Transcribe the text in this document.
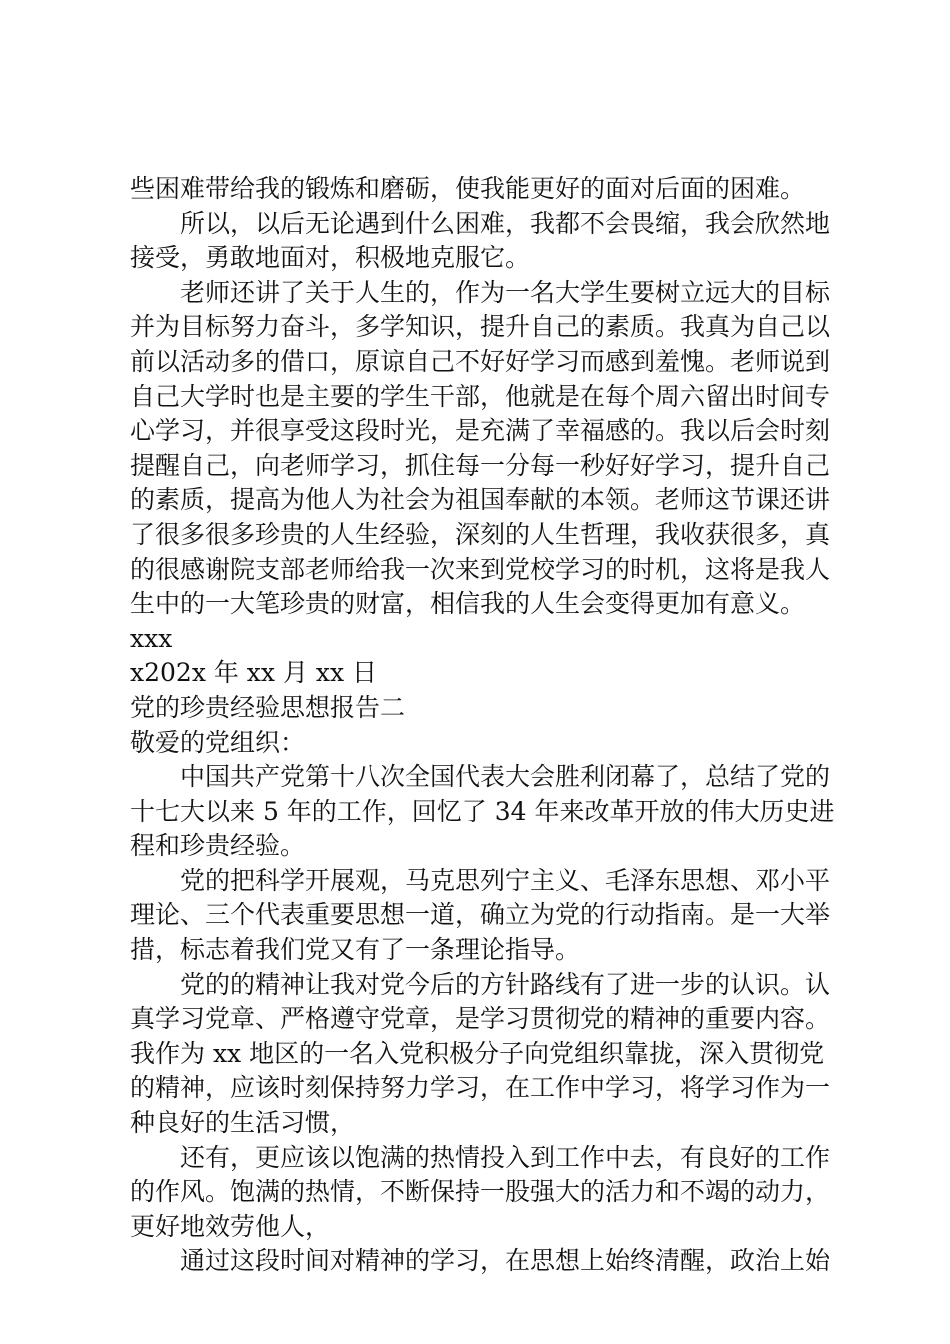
些困难带给我的锻炼和磨砺，使我能更好的面对后面的困难。

所以，以后无论遇到什么困难，我都不会畏缩，我会欣然地接受，勇敢地面对，积极地克服它。

老师还讲了关于人生的，作为一名大学生要树立远大的目标并为目标努力奋斗，多学知识，提升自己的素质。我真为自己以前以活动多的借口，原谅自己不好好学习而感到羞愧。老师说到自己大学时也是主要的学生干部，他就是在每个周六留出时间专心学习，并很享受这段时光，是充满了幸福感的。我以后会时刻提醒自己，向老师学习，抓住每一分每一秒好好学习，提升自己的素质，提高为他人为社会为祖国奉献的本领。老师这节课还讲了很多很多珍贵的人生经验，深刻的人生哲理，我收获很多，真的很感谢院支部老师给我一次来到党校学习的时机，这将是我人生中的一大笔珍贵的财富，相信我的人生会变得更加有意义。

xxx

x202x 年 xx 月 xx 日

党的珍贵经验思想报告二

敬爱的党组织：

中国共产党第十八次全国代表大会胜利闭幕了，总结了党的十七大以来 5 年的工作，回忆了 34 年来改革开放的伟大历史进程和珍贵经验。

党的把科学开展观，马克思列宁主义、毛泽东思想、邓小平理论、三个代表重要思想一道，确立为党的行动指南。是一大举措，标志着我们党又有了一条理论指导。

党的的精神让我对党今后的方针路线有了进一步的认识。认真学习党章、严格遵守党章，是学习贯彻党的精神的重要内容。我作为 xx 地区的一名入党积极分子向党组织靠拢，深入贯彻党的精神，应该时刻保持努力学习，在工作中学习，将学习作为一种良好的生活习惯，

还有，更应该以饱满的热情投入到工作中去，有良好的工作的作风。饱满的热情，不断保持一股强大的活力和不竭的动力，更好地效劳他人，

通过这段时间对精神的学习，在思想上始终清醒，政治上始
